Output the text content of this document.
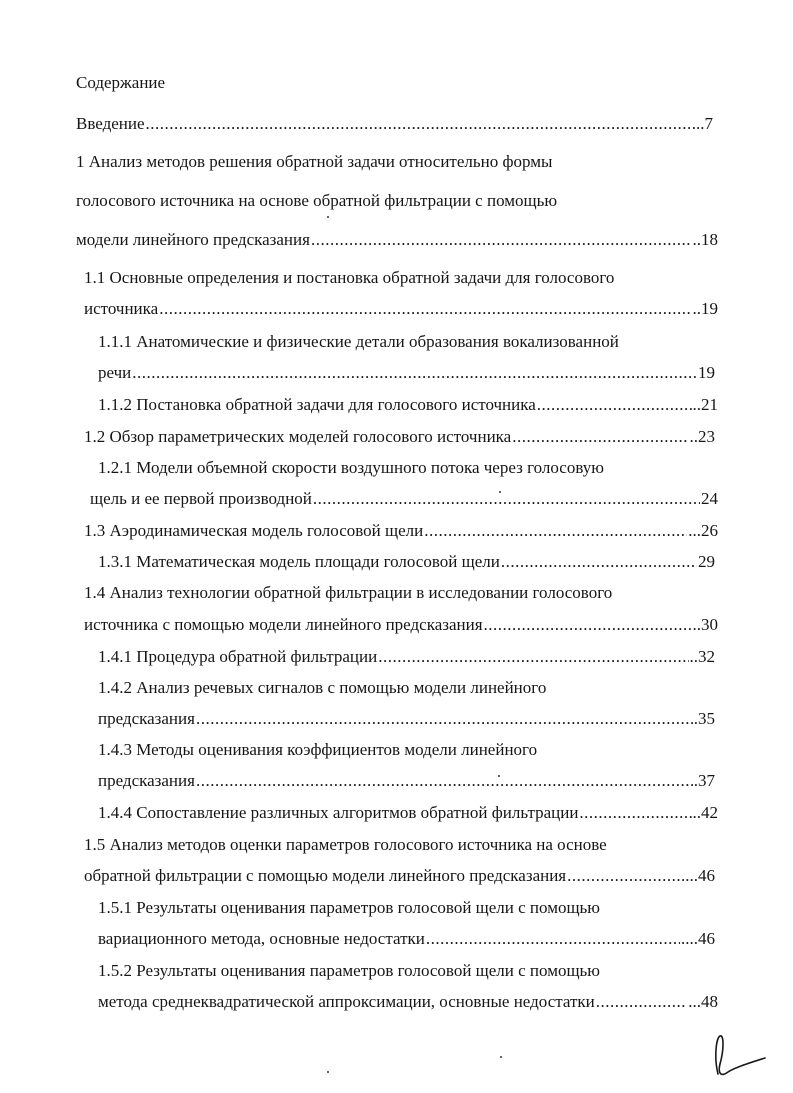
Содержание
Введение .....	..7
1 Анализ методов решения обратной задачи относительно формы
голосового источника на основе обратной фильтрации с помощью
модели линейного предсказания .....	..18
1.1 Основные определения и постановка обратной задачи для голосового
источника .....	..19
1.1.1 Анатомические и физические детали образования вокализованной
речи .....	19
1.1.2 Постановка обратной задачи для голосового источника .....	..21
1.2 Обзор параметрических моделей голосового источника .....	..23
1.2.1 Модели объемной скорости воздушного потока через голосовую
щель и ее первой производной .....	24
1.3 Аэродинамическая модель голосовой щели .....	...26
1.3.1 Математическая модель площади голосовой щели .....	29
1.4 Анализ технологии обратной фильтрации в исследовании голосового
источника с помощью модели линейного предсказания .....	.30
1.4.1 Процедура обратной фильтрации .....	..32
1.4.2 Анализ речевых сигналов с помощью модели линейного
предсказания .....	.35
1.4.3 Методы оценивания коэффициентов модели линейного
предсказания .....	.37
1.4.4 Сопоставление различных алгоритмов обратной фильтрации .....	..42
1.5 Анализ методов оценки параметров голосового источника на основе
обратной фильтрации с помощью модели линейного предсказания .....	....46
1.5.1 Результаты оценивания параметров голосовой щели с помощью
вариационного метода, основные недостатки .....	....46
1.5.2 Результаты оценивания параметров голосовой щели с помощью
метода среднеквадратической аппроксимации, основные недостатки .....	...48
